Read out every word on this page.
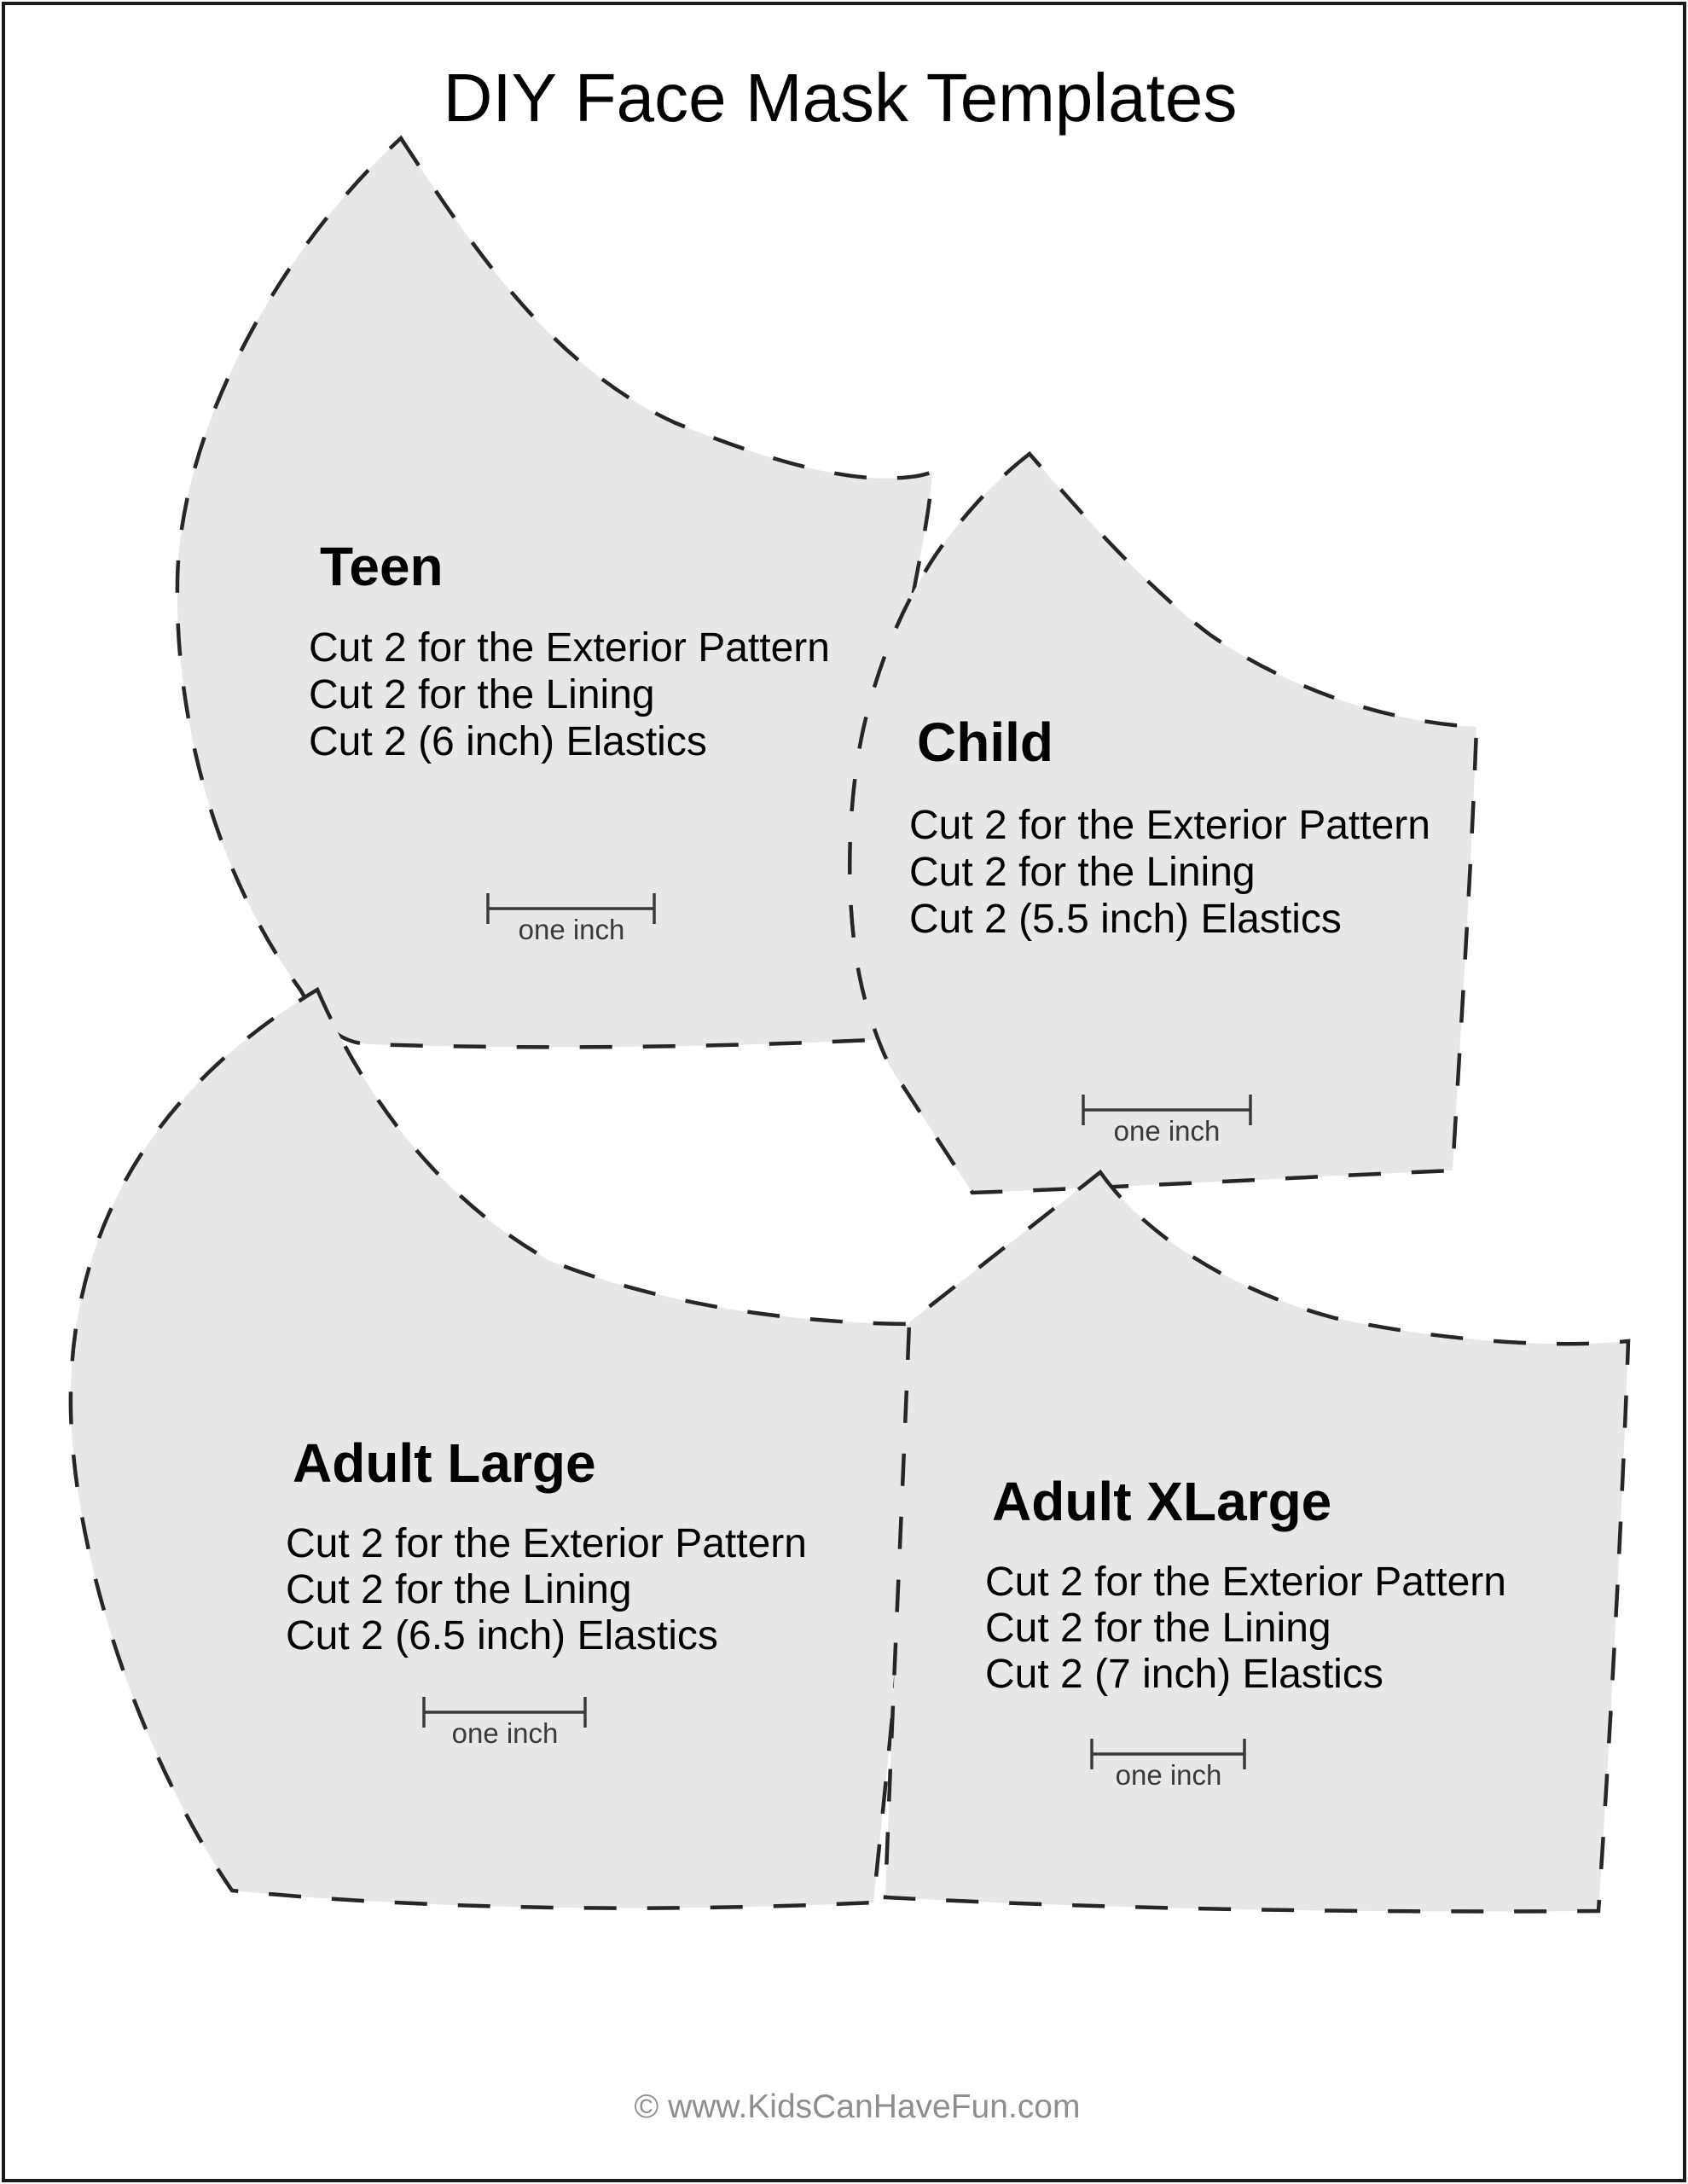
DIY Face Mask Templates
Teen
Cut 2 for the Exterior Pattern
Cut 2 for the Lining
Cut 2 (6 inch) Elastics
one inch
Child
Cut 2 for the Exterior Pattern
Cut 2 for the Lining
Cut 2 (5.5 inch) Elastics
one inch
Adult Large
Cut 2 for the Exterior Pattern
Cut 2 for the Lining
Cut 2 (6.5 inch) Elastics
one inch
Adult XLarge
Cut 2 for the Exterior Pattern
Cut 2 for the Lining
Cut 2 (7 inch) Elastics
one inch
© www.KidsCanHaveFun.com
